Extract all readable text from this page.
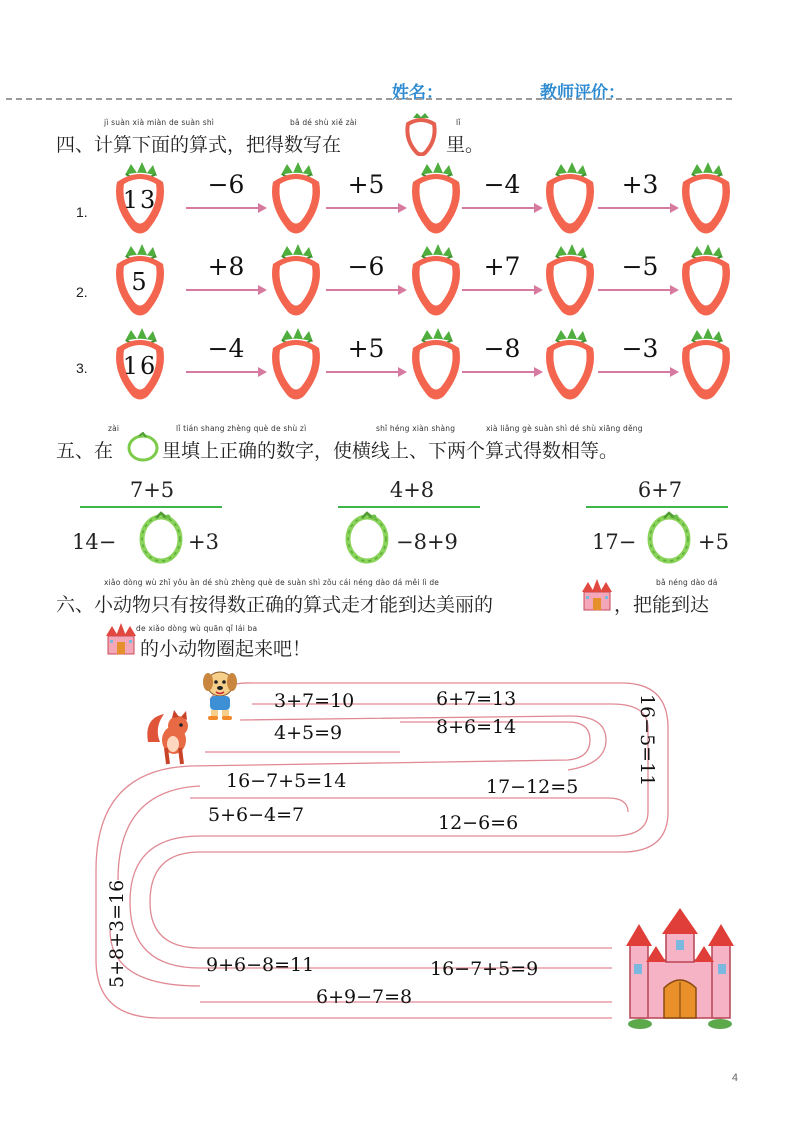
姓名：	教师评价：
jì suàn xià miàn de suàn shì	bǎ dé shù xiě zài	lǐ
四、计算下面的算式，把得数写在	里。
1.	13
−6	+5	−4	+3
2.	5
+8	−6	+7	−5
3.	16
−4	+5	−8	−3
zài	lǐ tián shang zhèng què de shù zì	shǐ héng xiàn shàng	xià liǎng gè suàn shì dé shù xiāng děng
五、在	里填上正确的数字，使横线上、下两个算式得数相等。
7+5
14−	+3
4+8
−8+9
6+7
17−	+5
xiǎo dòng wù zhǐ yǒu àn dé shù zhèng què de suàn shì zǒu cái néng dào dá měi lì de	bǎ néng dào dá
六、小动物只有按得数正确的算式走才能到达美丽的	，把能到达
de xiǎo dòng wù quān qǐ lái ba
的小动物圈起来吧！
3+7=10
4+5=9
6+7=13
8+6=14	16−5=11
16−7+5=14	17−12=5
5+6−4=7	12−6=6
5+8+3=16	9+6−8=11	16−7+5=9
6+9−7=8
4
